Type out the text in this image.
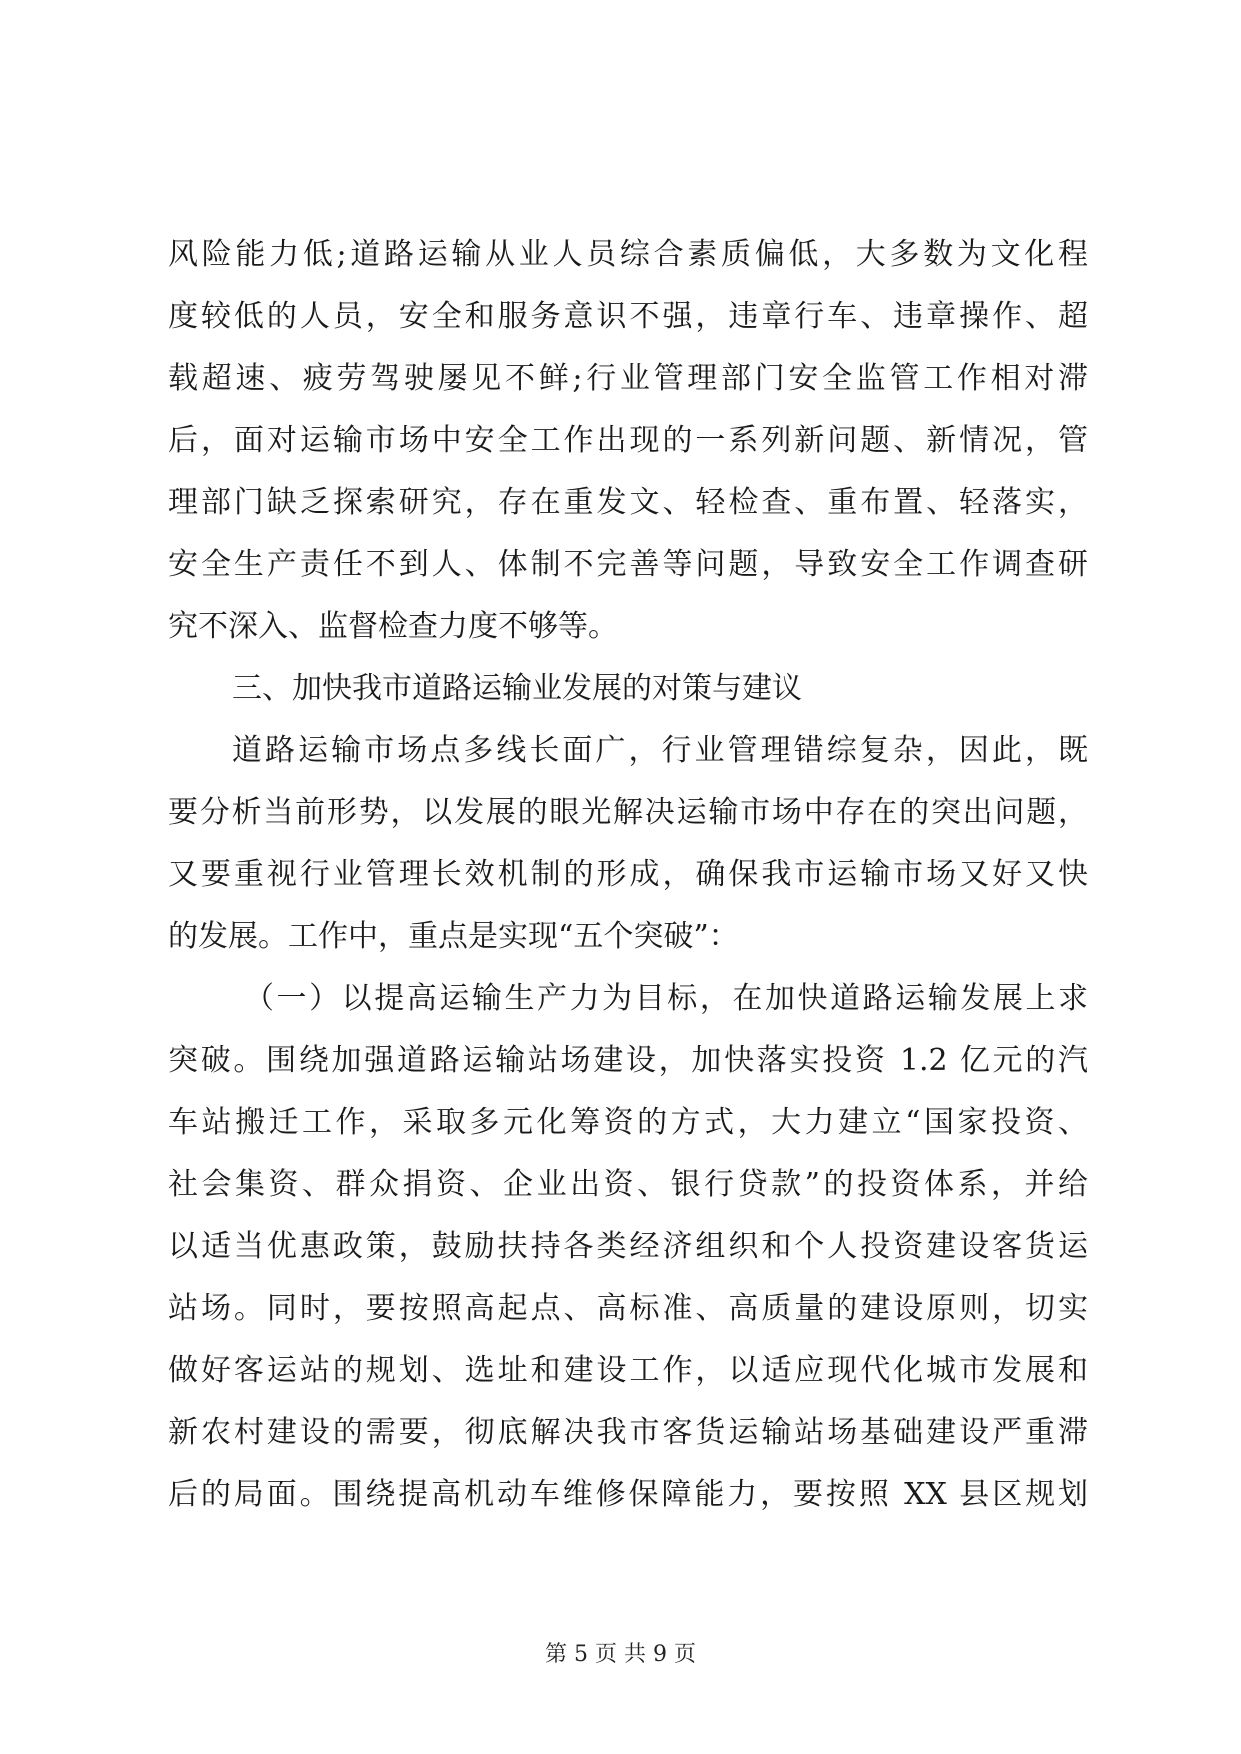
风险能力低;道路运输从业人员综合素质偏低，大多数为文化程
度较低的人员，安全和服务意识不强，违章行车、违章操作、超
载超速、疲劳驾驶屡见不鲜;行业管理部门安全监管工作相对滞
后，面对运输市场中安全工作出现的一系列新问题、新情况，管
理部门缺乏探索研究，存在重发文、轻检查、重布置、轻落实，
安全生产责任不到人、体制不完善等问题，导致安全工作调查研
究不深入、监督检查力度不够等。
三、加快我市道路运输业发展的对策与建议
道路运输市场点多线长面广，行业管理错综复杂，因此，既
要分析当前形势，以发展的眼光解决运输市场中存在的突出问题，
又要重视行业管理长效机制的形成，确保我市运输市场又好又快
的发展。工作中，重点是实现“五个突破”：
（一）以提高运输生产力为目标，在加快道路运输发展上求
突破。围绕加强道路运输站场建设，加快落实投资 1.2 亿元的汽
车站搬迁工作，采取多元化筹资的方式，大力建立“国家投资、
社会集资、群众捐资、企业出资、银行贷款”的投资体系，并给
以适当优惠政策，鼓励扶持各类经济组织和个人投资建设客货运
站场。同时，要按照高起点、高标准、高质量的建设原则，切实
做好客运站的规划、选址和建设工作，以适应现代化城市发展和
新农村建设的需要，彻底解决我市客货运输站场基础建设严重滞
后的局面。围绕提高机动车维修保障能力，要按照 XX 县区规划
第 5 页 共 9 页
